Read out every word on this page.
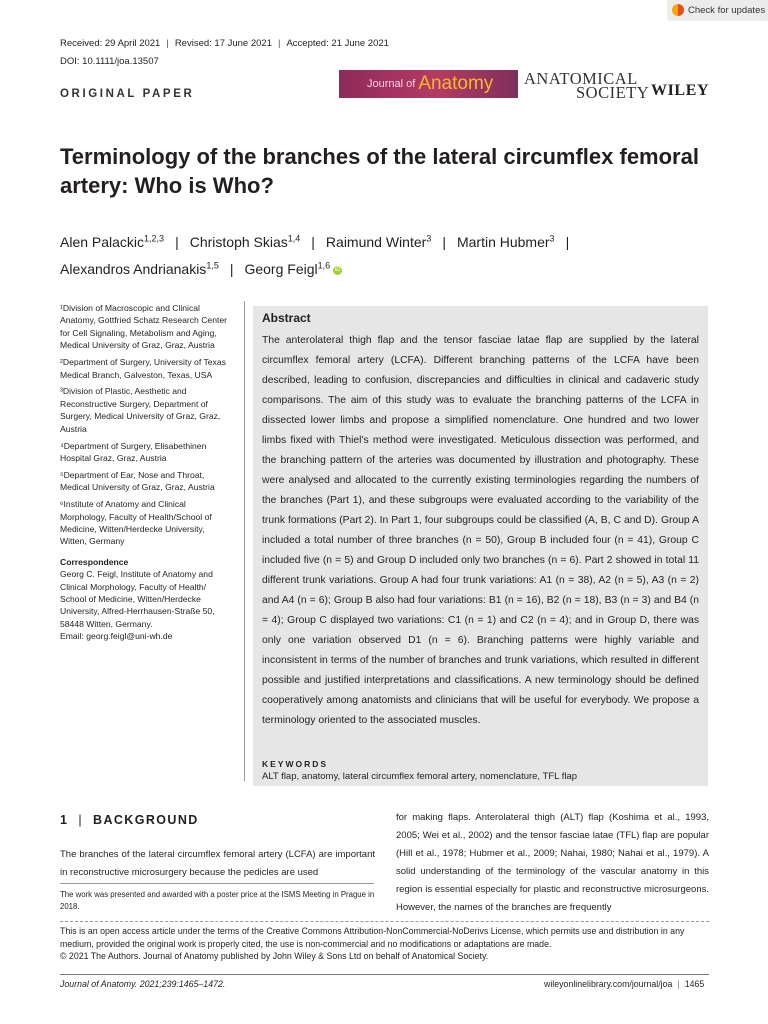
Check for updates
Received: 29 April 2021 | Revised: 17 June 2021 | Accepted: 21 June 2021
DOI: 10.1111/joa.13507
ORIGINAL PAPER
Journal of Anatomy ANATOMICAL
SOCIETY WILEY
Terminology of the branches of the lateral circumflex femoral artery: Who is Who?
Alen Palackic$^{1,2,3}$ | Christoph Skias$^{1,4}$ | Raimund Winter$^3$ | Martin Hubmer$^3$ |
Alexandros Andrianakis$^{1,5}$ | Georg Feigl$^{1,6}$ iD

¹Division of Macroscopic and Clinical Anatomy, Gottfried Schatz Research Center for Cell Signaling, Metabolism and Aging, Medical University of Graz, Graz, Austria

²Department of Surgery, University of Texas Medical Branch, Galveston, Texas, USA

³Division of Plastic, Aesthetic and Reconstructive Surgery, Department of Surgery, Medical University of Graz, Graz, Austria

⁴Department of Surgery, Elisabethinen Hospital Graz, Graz, Austria

⁵Department of Ear, Nose and Throat, Medical University of Graz, Graz, Austria

⁶Institute of Anatomy and Clinical Morphology, Faculty of Health/School of Medicine, Witten/Herdecke University, Witten, Germany

Correspondence

Georg C. Feigl, Institute of Anatomy and Clinical Morphology, Faculty of Health/ School of Medicine, Witten/Herdecke University, Alfred-Herrhausen-Straße 50, 58448 Witten, Germany.

Email: georg.feigl@uni-wh.de

Abstract
The anterolateral thigh flap and the tensor fasciae latae flap are supplied by the lateral circumflex femoral artery (LCFA). Different branching patterns of the LCFA have been described, leading to confusion, discrepancies and difficulties in clinical and cadaveric study comparisons. The aim of this study was to evaluate the branching patterns of the LCFA in dissected lower limbs and propose a simplified nomenclature. One hundred and two lower limbs fixed with Thiel's method were investigated. Meticulous dissection was performed, and the branching pattern of the arteries was documented by illustration and photography. These were analysed and allocated to the currently existing terminologies regarding the numbers of the branches (Part 1), and these subgroups were evaluated according to the variability of the trunk formations (Part 2). In Part 1, four subgroups could be classified (A, B, C and D). Group A included a total number of three branches (n = 50), Group B included four (n = 41), Group C included five (n = 5) and Group D included only two branches (n = 6). Part 2 showed in total 11 different trunk variations. Group A had four trunk variations: A1 (n = 38), A2 (n = 5), A3 (n = 2) and A4 (n = 6); Group B also had four variations: B1 (n = 16), B2 (n = 18), B3 (n = 3) and B4 (n = 4); Group C displayed two variations: C1 (n = 1) and C2 (n = 4); and in Group D, there was only one variation observed D1 (n = 6). Branching patterns were highly variable and inconsistent in terms of the number of branches and trunk variations, which resulted in different possible and justified interpretations and classifications. A new terminology should be defined cooperatively among anatomists and clinicians that will be useful for everybody. We propose a terminology oriented to the associated muscles.
KEYWORDS
ALT flap, anatomy, lateral circumflex femoral artery, nomenclature, TFL flap
1 | BACKGROUND
The branches of the lateral circumflex femoral artery (LCFA) are important in reconstructive microsurgery because the pedicles are used
for making flaps. Anterolateral thigh (ALT) flap (Koshima et al., 1993, 2005; Wei et al., 2002) and the tensor fasciae latae (TFL) flap are popular (Hill et al., 1978; Hubmer et al., 2009; Nahai, 1980; Nahai et al., 1979). A solid understanding of the terminology of the vascular anatomy in this region is essential especially for plastic and reconstructive microsurgeons. However, the names of the branches are frequently
The work was presented and awarded with a poster price at the ISMS Meeting in Prague in 2018.
This is an open access article under the terms of the Creative Commons Attribution-NonCommercial-NoDerivs License, which permits use and distribution in any medium, provided the original work is properly cited, the use is non-commercial and no modifications or adaptations are made.
© 2021 The Authors. Journal of Anatomy published by John Wiley & Sons Ltd on behalf of Anatomical Society.
Journal of Anatomy. 2021;239:1465–1472.	wileyonlinelibrary.com/journal/joa | 1465
